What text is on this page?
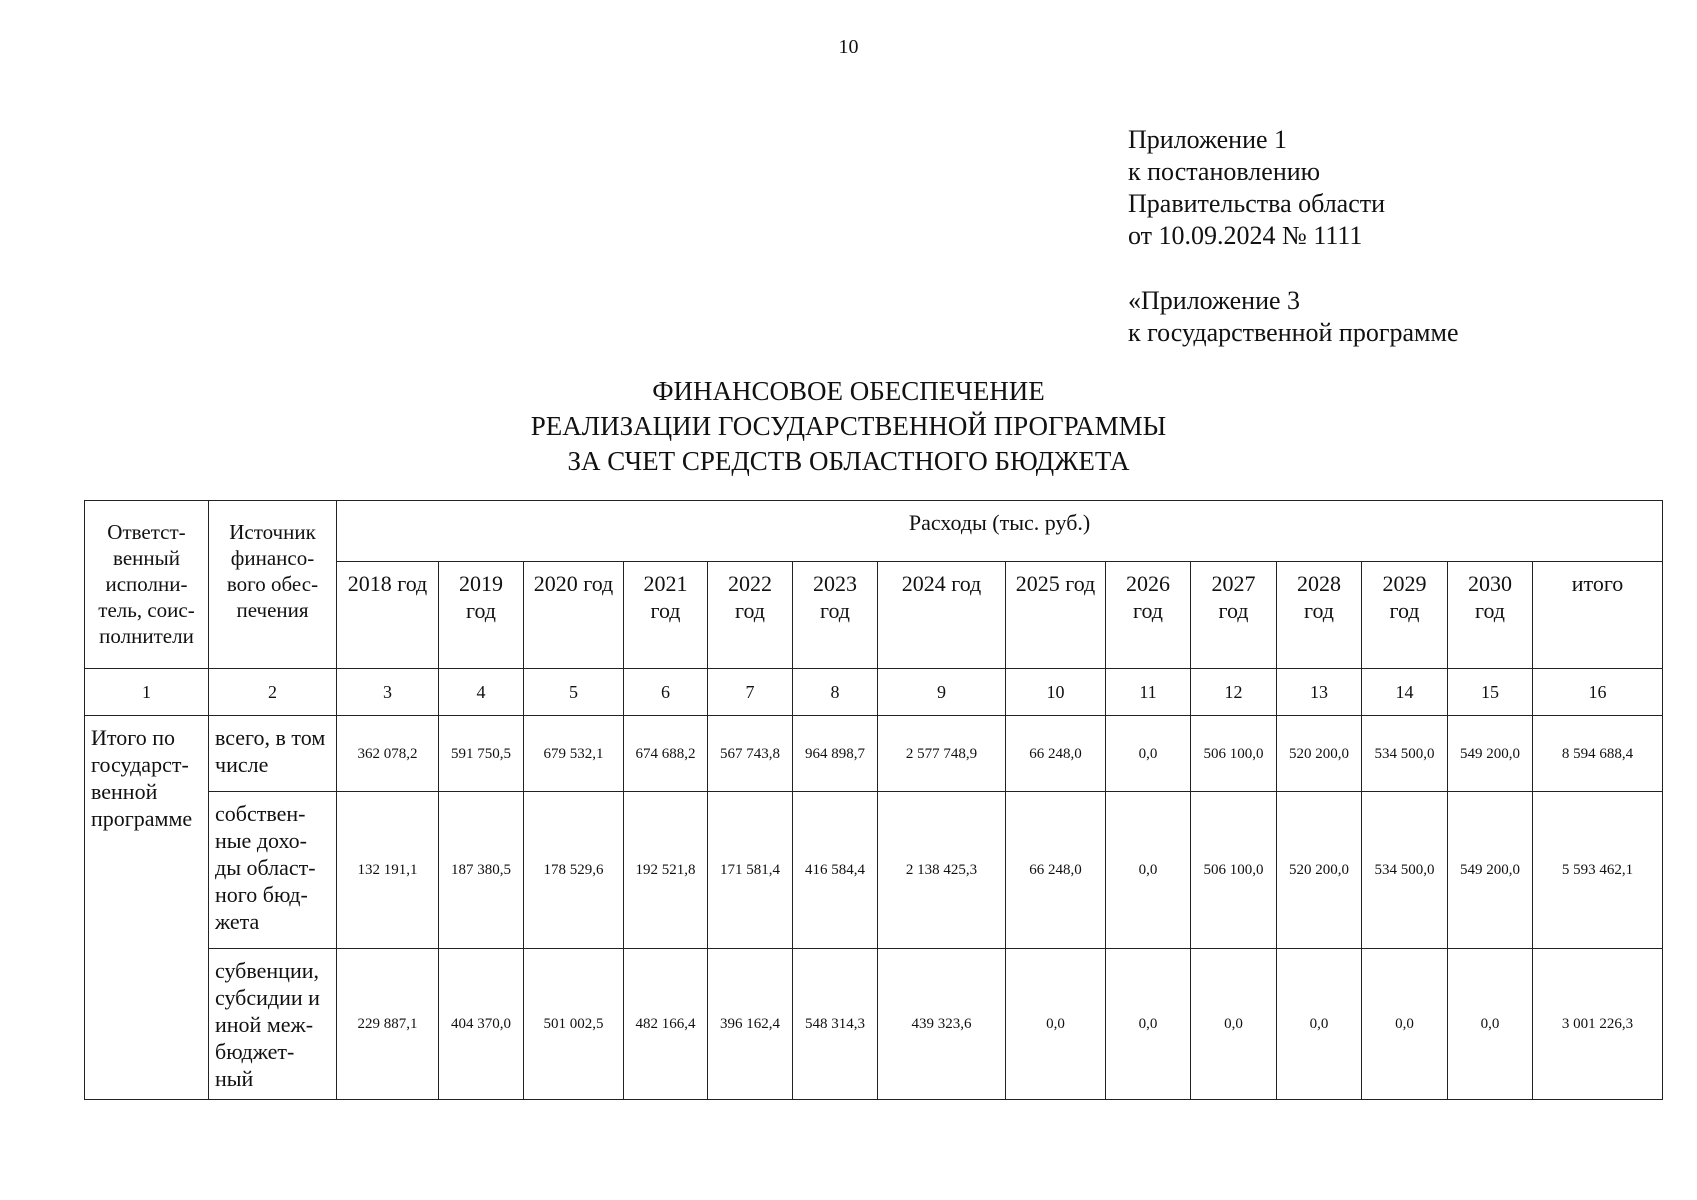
10
Приложение 1
к постановлению
Правительства области
от 10.09.2024 № 1111
«Приложение 3
к государственной программе
ФИНАНСОВОЕ ОБЕСПЕЧЕНИЕ
РЕАЛИЗАЦИИ ГОСУДАРСТВЕННОЙ ПРОГРАММЫ
ЗА СЧЕТ СРЕДСТВ ОБЛАСТНОГО БЮДЖЕТА
Ответст-венный исполни-тель, соис-полнители	Источник финансо-вого обес-печения	Расходы (тыс. руб.)													
		2018 год	2019 год	2020 год	2021 год	2022 год	2023 год	2024 год	2025 год	2026 год	2027 год	2028 год	2029 год	2030 год	итого
1	2	3	4	5	6	7	8	9	10	11	12	13	14	15	16
Итого по государст-венной программе	всего, в том числе	362 078,2	591 750,5	679 532,1	674 688,2	567 743,8	964 898,7	2 577 748,9	66 248,0	0,0	506 100,0	520 200,0	534 500,0	549 200,0	8 594 688,4
	собствен-ные дохо-ды област-ного бюд-жета	132 191,1	187 380,5	178 529,6	192 521,8	171 581,4	416 584,4	2 138 425,3	66 248,0	0,0	506 100,0	520 200,0	534 500,0	549 200,0	5 593 462,1
	субвенции, субсидии и иной меж-бюджет-ный	229 887,1	404 370,0	501 002,5	482 166,4	396 162,4	548 314,3	439 323,6	0,0	0,0	0,0	0,0	0,0	0,0	3 001 226,3
